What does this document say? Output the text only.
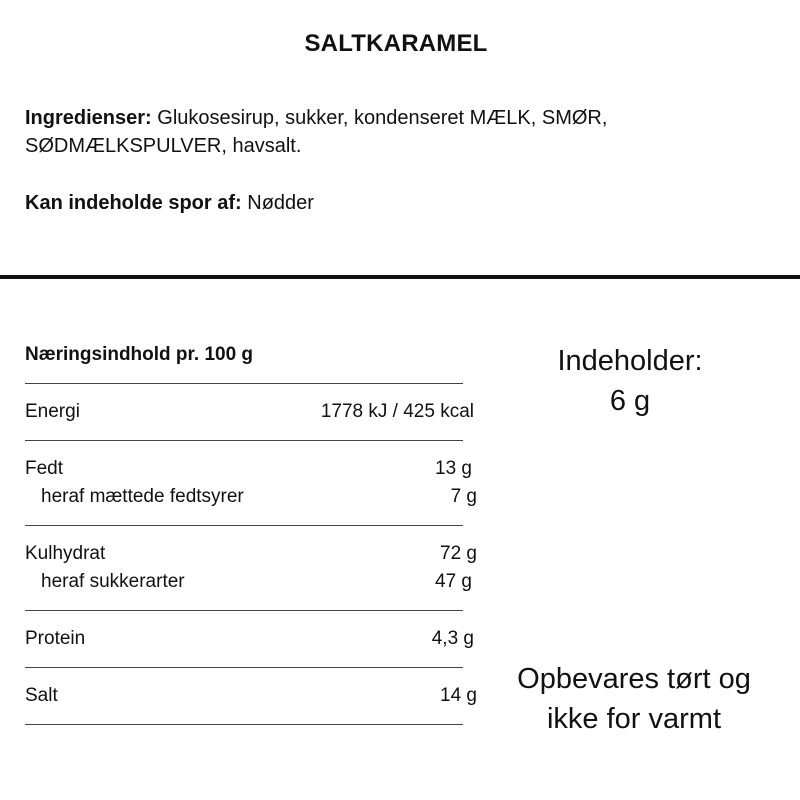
SALTKARAMEL
Ingredienser: Glukosesirup, sukker, kondenseret MÆLK, SMØR, SØDMÆLKSPULVER, havsalt.
Kan indeholde spor af: Nødder
Næringsindhold pr. 100 g
Energi	1778 kJ / 425 kcal
Fedt	13 g
heraf mættede fedtsyrer	7 g
Kulhydrat	72 g
heraf sukkerarter	47 g
Protein	4,3 g
Salt	14 g
Indeholder:
6 g
Opbevares tørt og
ikke for varmt
